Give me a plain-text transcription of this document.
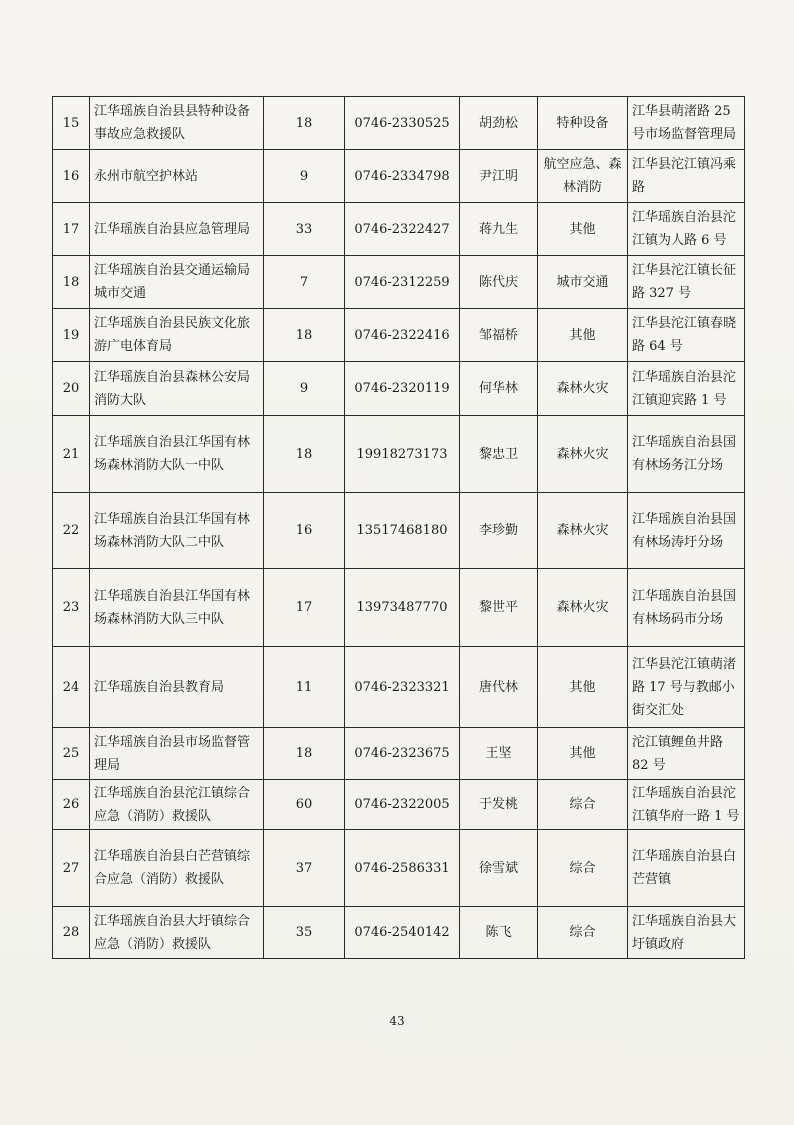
15	江华瑶族自治县县特种设备事故应急救援队	18	0746-2330525	胡劲松	特种设备	江华县萌渚路 25 号市场监督管理局
16	永州市航空护林站	9	0746-2334798	尹江明	航空应急、森林消防	江华县沱江镇冯乘路
17	江华瑶族自治县应急管理局	33	0746-2322427	蒋九生	其他	江华瑶族自治县沱江镇为人路 6 号
18	江华瑶族自治县交通运输局城市交通	7	0746-2312259	陈代庆	城市交通	江华县沱江镇长征路 327 号
19	江华瑶族自治县民族文化旅游广电体育局	18	0746-2322416	邹福桥	其他	江华县沱江镇春晓路 64 号
20	江华瑶族自治县森林公安局消防大队	9	0746-2320119	何华林	森林火灾	江华瑶族自治县沱江镇迎宾路 1 号
21	江华瑶族自治县江华国有林场森林消防大队一中队	18	19918273173	黎忠卫	森林火灾	江华瑶族自治县国有林场务江分场
22	江华瑶族自治县江华国有林场森林消防大队二中队	16	13517468180	李珍勤	森林火灾	江华瑶族自治县国有林场涛圩分场
23	江华瑶族自治县江华国有林场森林消防大队三中队	17	13973487770	黎世平	森林火灾	江华瑶族自治县国有林场码市分场
24	江华瑶族自治县教育局	11	0746-2323321	唐代林	其他	江华县沱江镇萌渚路 17 号与教邮小街交汇处
25	江华瑶族自治县市场监督管理局	18	0746-2323675	王坚	其他	沱江镇鲤鱼井路 82 号
26	江华瑶族自治县沱江镇综合应急（消防）救援队	60	0746-2322005	于发桃	综合	江华瑶族自治县沱江镇华府一路 1 号
27	江华瑶族自治县白芒营镇综合应急（消防）救援队	37	0746-2586331	徐雪斌	综合	江华瑶族自治县白芒营镇
28	江华瑶族自治县大圩镇综合应急（消防）救援队	35	0746-2540142	陈飞	综合	江华瑶族自治县大圩镇政府
43
